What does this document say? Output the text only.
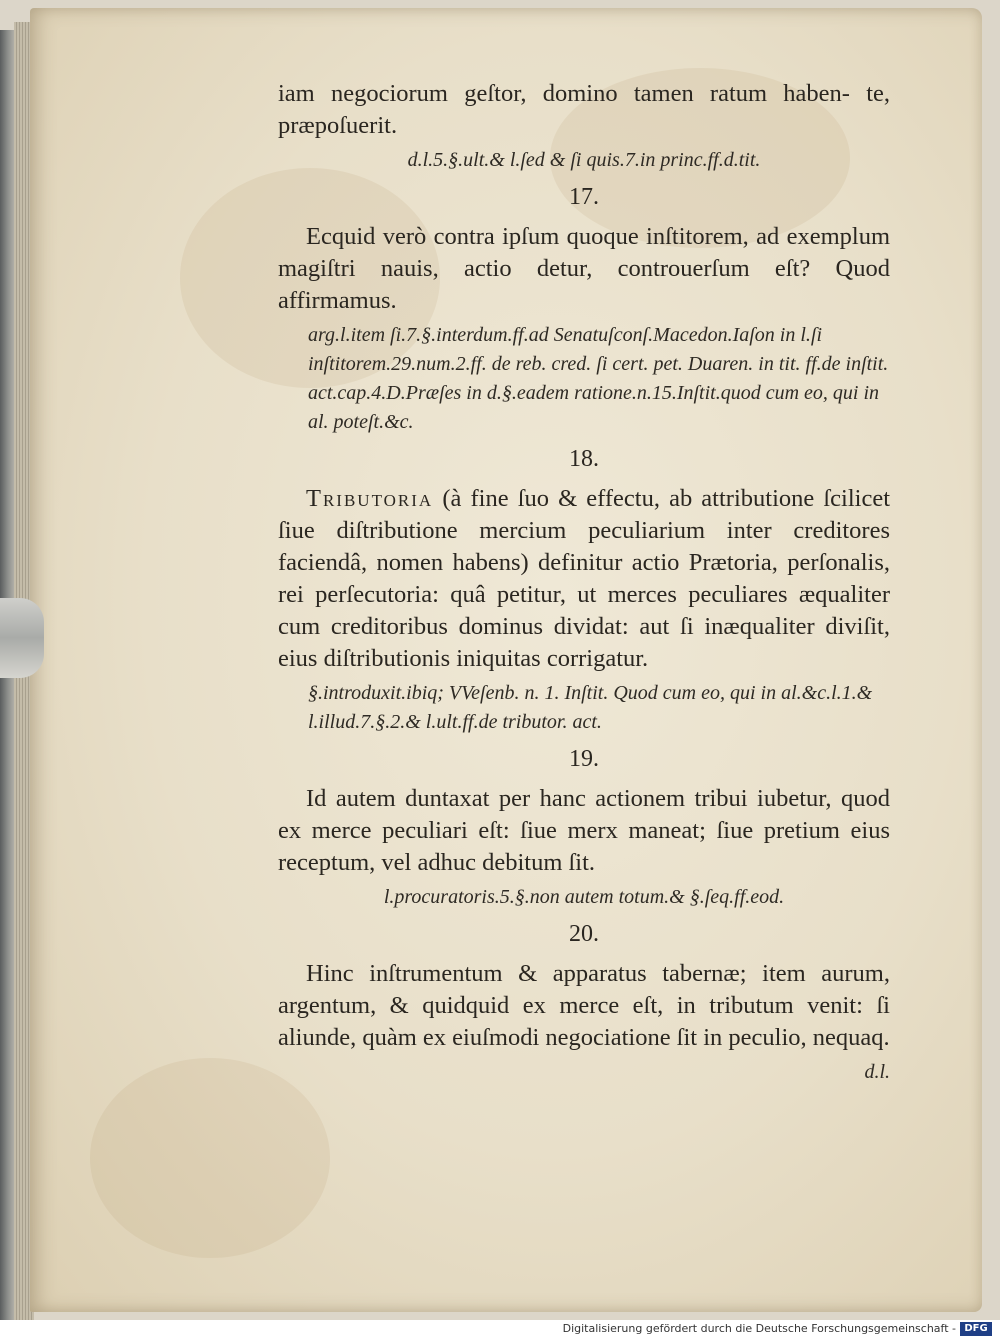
iam negociorum geſtor, domino tamen ratum haben- te, præpoſuerit.

d.l.5.§.ult.& l.ſed & ſi quis.7.in princ.ff.d.tit.

17.

Ecquid verò contra ipſum quoque inſtitorem, ad exemplum magiſtri nauis, actio detur, controuerſum eſt? Quod affirmamus.

arg.l.item ſi.7.§.interdum.ff.ad Senatuſconſ.Macedon.Iaſon in l.ſi inſtitorem.29.num.2.ff. de reb. cred. ſi cert. pet. Duaren. in tit. ff.de inſtit. act.cap.4.D.Præſes in d.§.eadem ratione.n.15.Inſtit.quod cum eo, qui in al. poteſt.&c.

18.

Tributoria (à fine ſuo & effectu, ab attributione ſcilicet ſiue diſtributione mercium peculiarium inter creditores faciendâ, nomen habens) definitur actio Prætoria, perſonalis, rei perſecutoria: quâ petitur, ut merces peculiares æqualiter cum creditoribus dominus dividat: aut ſi inæqualiter diviſit, eius diſtributionis iniquitas corrigatur.

§.introduxit.ibiq; VVeſenb. n. 1. Inſtit. Quod cum eo, qui in al.&c.l.1.& l.illud.7.§.2.& l.ult.ff.de tributor. act.

19.

Id autem duntaxat per hanc actionem tribui iubetur, quod ex merce peculiari eſt: ſiue merx maneat; ſiue pretium eius receptum, vel adhuc debitum ſit.

l.procuratoris.5.§.non autem totum.& §.ſeq.ff.eod.

20.

Hinc inſtrumentum & apparatus tabernæ; item aurum, argentum, & quidquid ex merce eſt, in tributum venit: ſi aliunde, quàm ex eiuſmodi negociatione ſit in peculio, nequaq.

d.l.

Digitalisierung gefördert durch die Deutsche Forschungsgemeinschaft - DFG
